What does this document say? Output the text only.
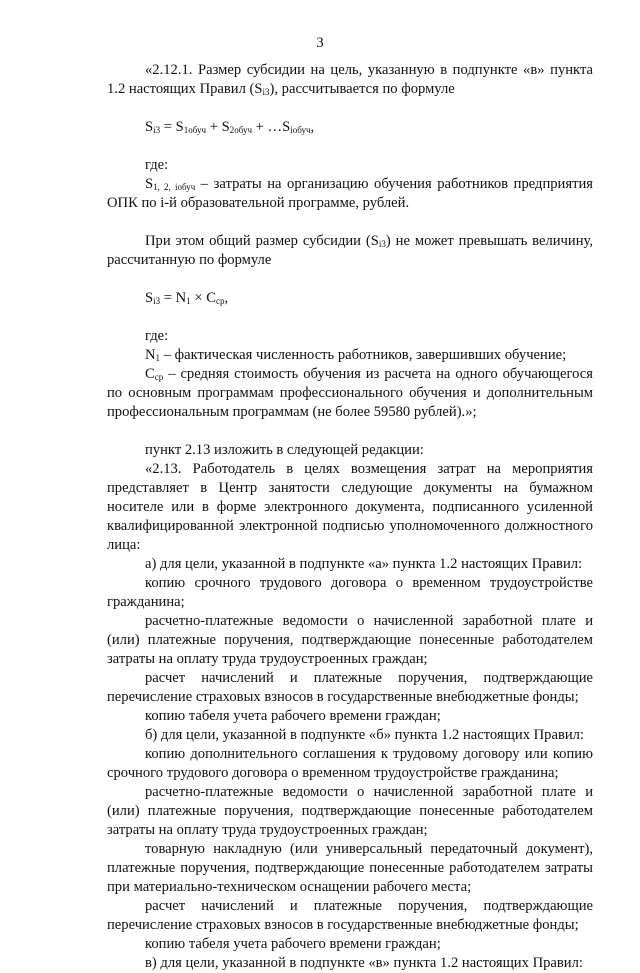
3

«2.12.1. Размер субсидии на цель, указанную в подпункте «в» пункта 1.2 настоящих Правил $(S_{i3})$, рассчитывается по формуле

$S_{i3} = S_{1обуч} + S_{2обуч}$ + $\dots S_{iобуч}$,

где:

$S_{1, 2, iобуч}$ – затраты на организацию обучения работников предприятия ОПК по i-й образовательной программе, рублей.

При этом общий размер субсидии $(S_{i3})$ не может превышать величину, рассчитанную по формуле

$S_{i3} = N_1 \times C_{ср}$,

где:

$N_1$ – фактическая численность работников, завершивших обучение;

$C_{ср}$ – средняя стоимость обучения из расчета на одного обучающегося по основным программам профессионального обучения и дополнительным профессиональным программам (не более 59580 рублей).»;

пункт 2.13 изложить в следующей редакции:

«2.13. Работодатель в целях возмещения затрат на мероприятия представляет в Центр занятости следующие документы на бумажном носителе или в форме электронного документа, подписанного усиленной квалифицированной электронной подписью уполномоченного должностного лица:

а) для цели, указанной в подпункте «а» пункта 1.2 настоящих Правил:

копию срочного трудового договора о временном трудоустройстве гражданина;

расчетно-платежные ведомости о начисленной заработной плате и (или) платежные поручения, подтверждающие понесенные работодателем затраты на оплату труда трудоустроенных граждан;

расчет начислений и платежные поручения, подтверждающие перечисление страховых взносов в государственные внебюджетные фонды;

копию табеля учета рабочего времени граждан;

б) для цели, указанной в подпункте «б» пункта 1.2 настоящих Правил:

копию дополнительного соглашения к трудовому договору или копию срочного трудового договора о временном трудоустройстве гражданина;

расчетно-платежные ведомости о начисленной заработной плате и (или) платежные поручения, подтверждающие понесенные работодателем затраты на оплату труда трудоустроенных граждан;

товарную накладную (или универсальный передаточный документ), платежные поручения, подтверждающие понесенные работодателем затраты при материально-техническом оснащении рабочего места;

расчет начислений и платежные поручения, подтверждающие перечисление страховых взносов в государственные внебюджетные фонды;

копию табеля учета рабочего времени граждан;

в) для цели, указанной в подпункте «в» пункта 1.2 настоящих Правил:
